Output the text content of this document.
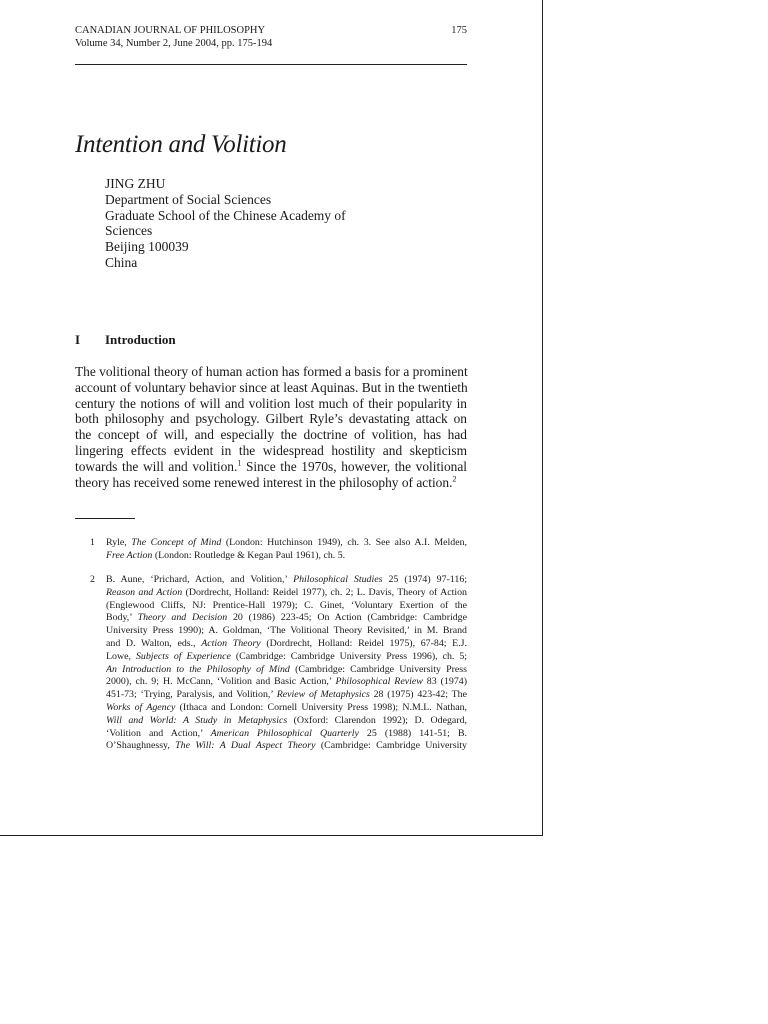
CANADIAN JOURNAL OF PHILOSOPHY
Volume 34, Number 2, June 2004, pp. 175-194
175
Intention and Volition
JING ZHU
Department of Social Sciences
Graduate School of the Chinese Academy of
Sciences
Beijing 100039
China
I Introduction
The volitional theory of human action has formed a basis for a prominent
account of voluntary behavior since at least Aquinas. But in the twentieth
century the notions of will and volition lost much of their popularity in
both philosophy and psychology. Gilbert Ryle’s devastating attack on
the concept of will, and especially the doctrine of volition, has had
lingering effects evident in the widespread hostility and skepticism
towards the will and volition.$^1$ Since the 1970s, however, the volitional
theory has received some renewed interest in the philosophy of action.$^2$
1 Ryle, The Concept of Mind (London: Hutchinson 1949), ch. 3. See also A.I. Melden,
Free Action (London: Routledge & Kegan Paul 1961), ch. 5.
2 B. Aune, ‘Prichard, Action, and Volition,’ Philosophical Studies 25 (1974) 97-116;
Reason and Action (Dordrecht, Holland: Reidel 1977), ch. 2; L. Davis, Theory of Action
(Englewood Cliffs, NJ: Prentice-Hall 1979); C. Ginet, ‘Voluntary Exertion of the
Body,’ Theory and Decision 20 (1986) 223-45; On Action (Cambridge: Cambridge
University Press 1990); A. Goldman, ‘The Volitional Theory Revisited,’ in M. Brand
and D. Walton, eds., Action Theory (Dordrecht, Holland: Reidel 1975), 67-84; E.J.
Lowe, Subjects of Experience (Cambridge: Cambridge University Press 1996), ch. 5;
An Introduction to the Philosophy of Mind (Cambridge: Cambridge University Press
2000), ch. 9; H. McCann, ‘Volition and Basic Action,’ Philosophical Review 83 (1974)
451-73; ‘Trying, Paralysis, and Volition,’ Review of Metaphysics 28 (1975) 423-42; The
Works of Agency (Ithaca and London: Cornell University Press 1998); N.M.L. Nathan,
Will and World: A Study in Metaphysics (Oxford: Clarendon 1992); D. Odegard,
‘Volition and Action,’ American Philosophical Quarterly 25 (1988) 141-51; B.
O’Shaughnessy, The Will: A Dual Aspect Theory (Cambridge: Cambridge University
